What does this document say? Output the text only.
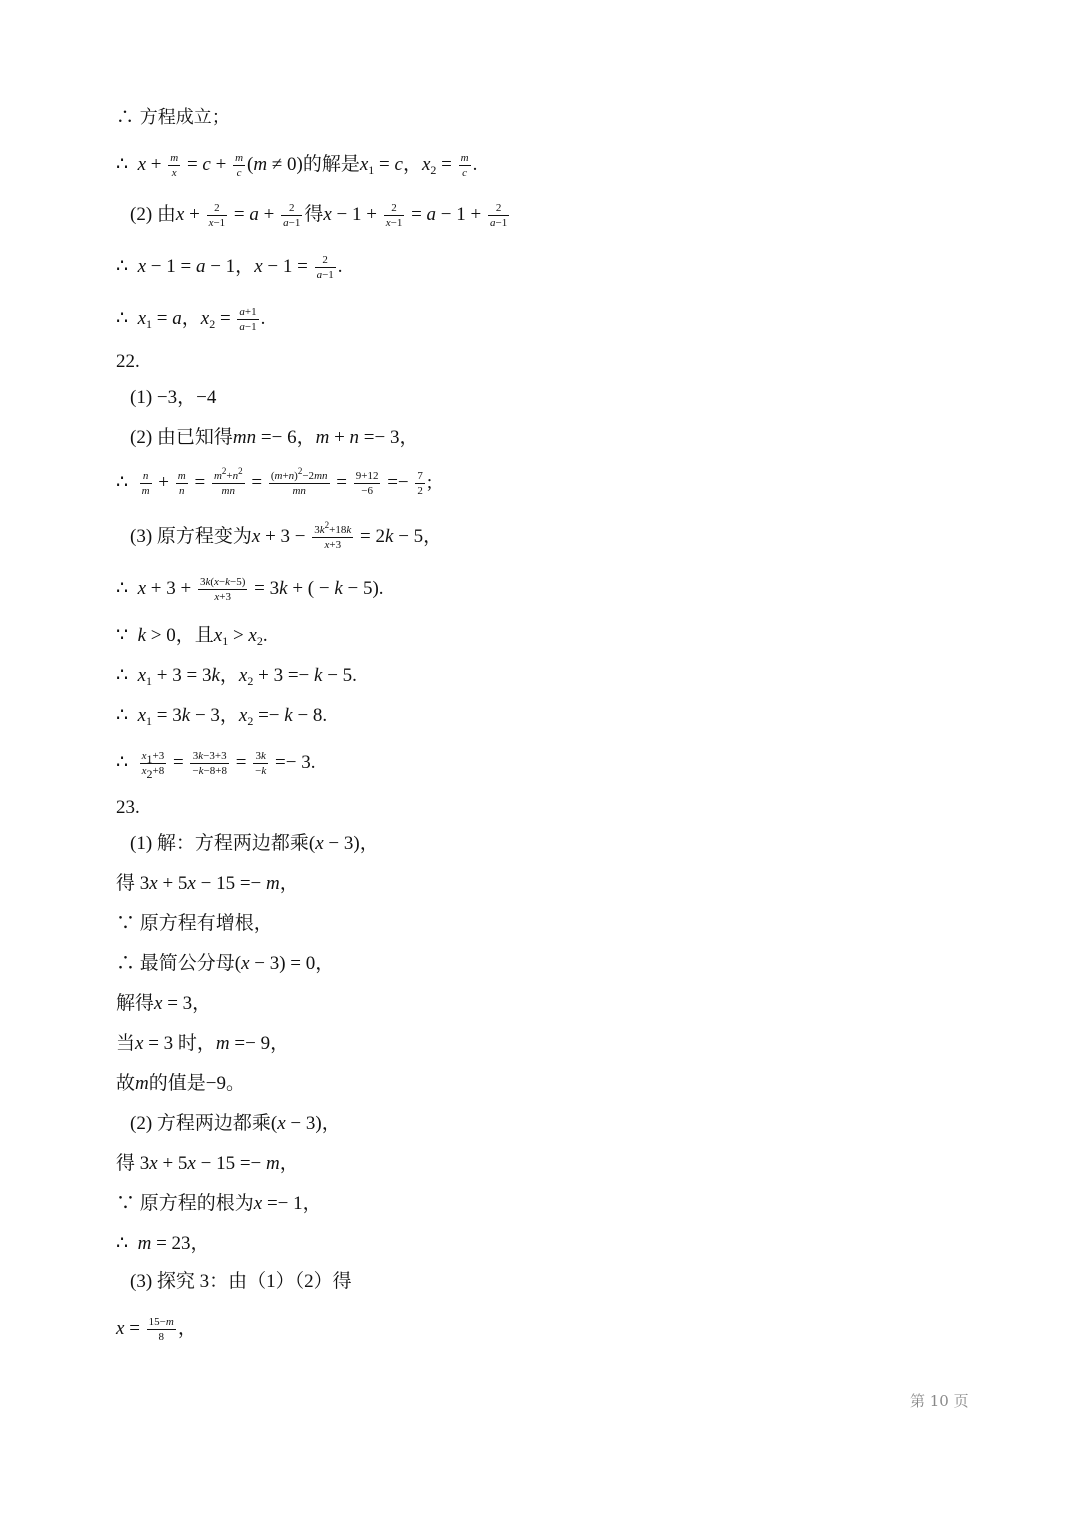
∴ 方程成立；
∴  $x + \frac{m}{x} = c + \frac{m}{c} (m \ne 0)$的解是$x_1 = c$，$x_2 = \frac{m}{c}$ .
(2) 由$x + \frac{2}{x-1} = a + \frac{2}{a-1}$ 得$x - 1 + \frac{2}{x-1} = a - 1 + \frac{2}{a-1}$
∴  x − 1 = a − 1，$x - 1 = \frac{2}{a-1}$ .
∴  $x_1 = a$，$x_2 = \frac{a+1}{a-1}$ .
22.
(1) −3，−4
(2) 由已知得mn =− 6，m + n =− 3，
∴ $\frac{n}{m} + \frac{m}{n} = \frac{m^2+n^2}{mn} = \frac{(m+n)^2-2mn}{mn} = \frac{9+12}{-6} =- \frac{7}{2}$ ;
(3) 原方程变为$x + 3 - \frac{3k^2+18k}{x+3} = 2k - 5$，
∴  $x + 3 + \frac{3k(x-k-5)}{x+3} = 3k$ + ( − k − 5).
∵  k > 0，且$x_1 > x_2$.
∴  $x_1 + 3 = 3k$，$x_2 + 3 =- k - 5$.
∴  $x_1 = 3k - 3$，$x_2 =- k - 8$.
∴ $\frac{x_1+3}{x_2+8} = \frac{3k-3+3}{-k-8+8} = \frac{3k}{-k} =- 3$.
23.
(1) 解：方程两边都乘(x − 3)，
得 3x + 5x − 15 =− m，
∵ 原方程有增根，
∴ 最简公分母(x − 3) = 0，
解得x = 3，
当x = 3 时，m =− 9，
故m的值是−9。
(2) 方程两边都乘(x − 3)，
得 3x + 5x − 15 =− m，
∵ 原方程的根为x =− 1，
∴  m = 23，
(3) 探究 3：由（1）（2）得
$x = \frac{15-m}{8}$ ，
第 10 页
